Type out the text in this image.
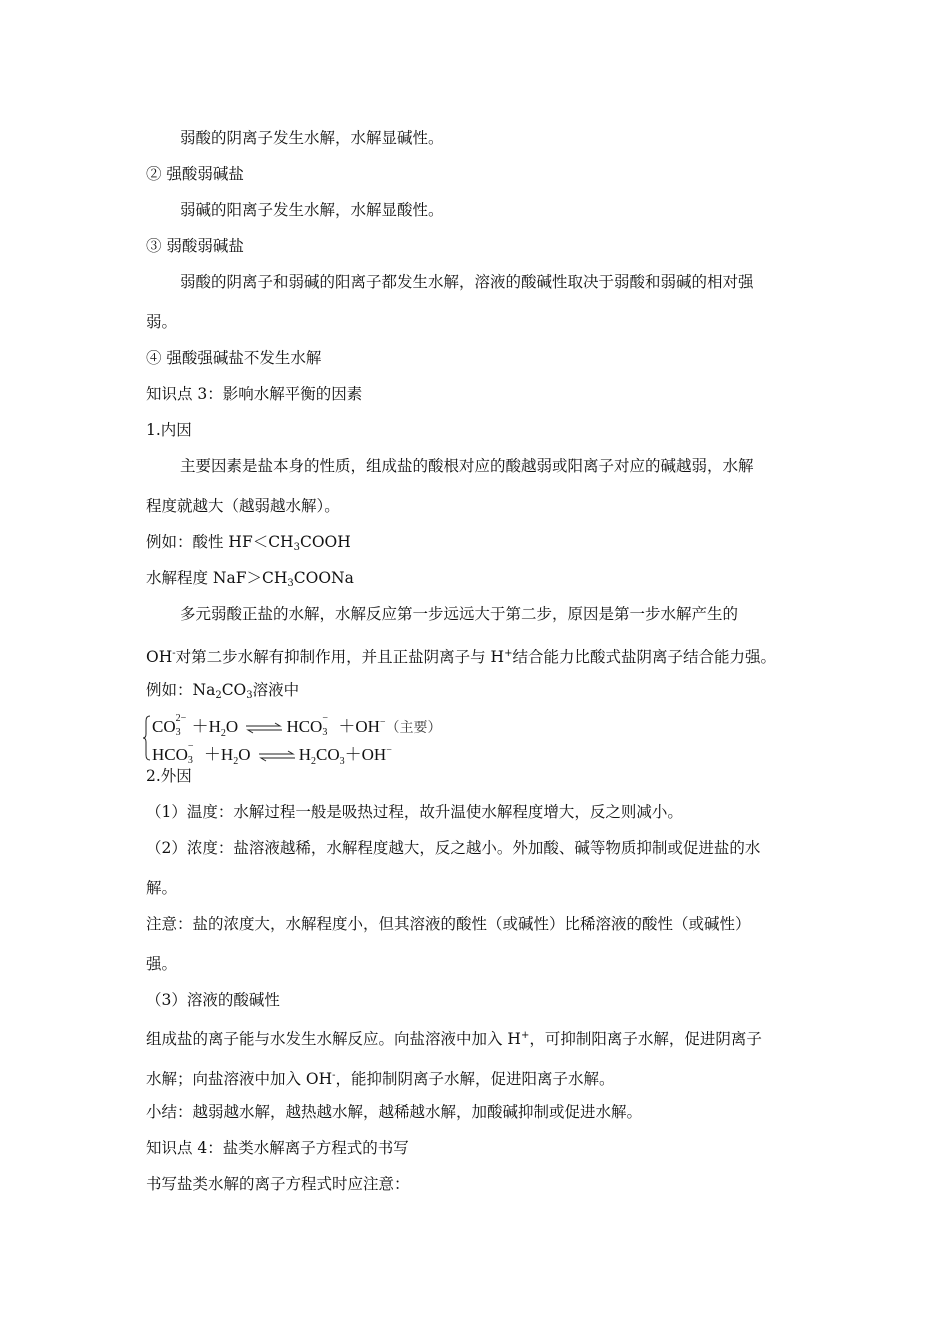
弱酸的阴离子发生水解，水解显碱性。
② 强酸弱碱盐
弱碱的阳离子发生水解，水解显酸性。
③ 弱酸弱碱盐
弱酸的阴离子和弱碱的阳离子都发生水解，溶液的酸碱性取决于弱酸和弱碱的相对强
弱。
④ 强酸强碱盐不发生水解
知识点 3：影响水解平衡的因素
1.内因
主要因素是盐本身的性质，组成盐的酸根对应的酸越弱或阳离子对应的碱越弱，水解
程度就越大（越弱越水解）。
例如：酸性 $HF<CH_3COOH$
水解程度 $NaF>CH_3COONa$
多元弱酸正盐的水解，水解反应第一步远远大于第二步，原因是第一步水解产生的
OH-对第二步水解有抑制作用，并且正盐阴离子与 H+结合能力比酸式盐阴离子结合能力强。
例如：$Na_2CO_3$溶液中
CO 2−
$3 +H_2O$ ⇌ HCO −
3 ＋OH−（主要）
HCO −
$3 +H_2O$ ⇌ $H_2CO_3+OH^-$
2.外因
（1）温度：水解过程一般是吸热过程，故升温使水解程度增大，反之则减小。
（2）浓度：盐溶液越稀，水解程度越大，反之越小。外加酸、碱等物质抑制或促进盐的水
解。
注意：盐的浓度大，水解程度小，但其溶液的酸性（或碱性）比稀溶液的酸性（或碱性）
强。
（3）溶液的酸碱性
组成盐的离子能与水发生水解反应。向盐溶液中加入 H+，可抑制阳离子水解，促进阴离子
水解；向盐溶液中加入 OH-，能抑制阴离子水解，促进阳离子水解。
小结：越弱越水解，越热越水解，越稀越水解，加酸碱抑制或促进水解。
知识点 4：盐类水解离子方程式的书写
书写盐类水解的离子方程式时应注意：
